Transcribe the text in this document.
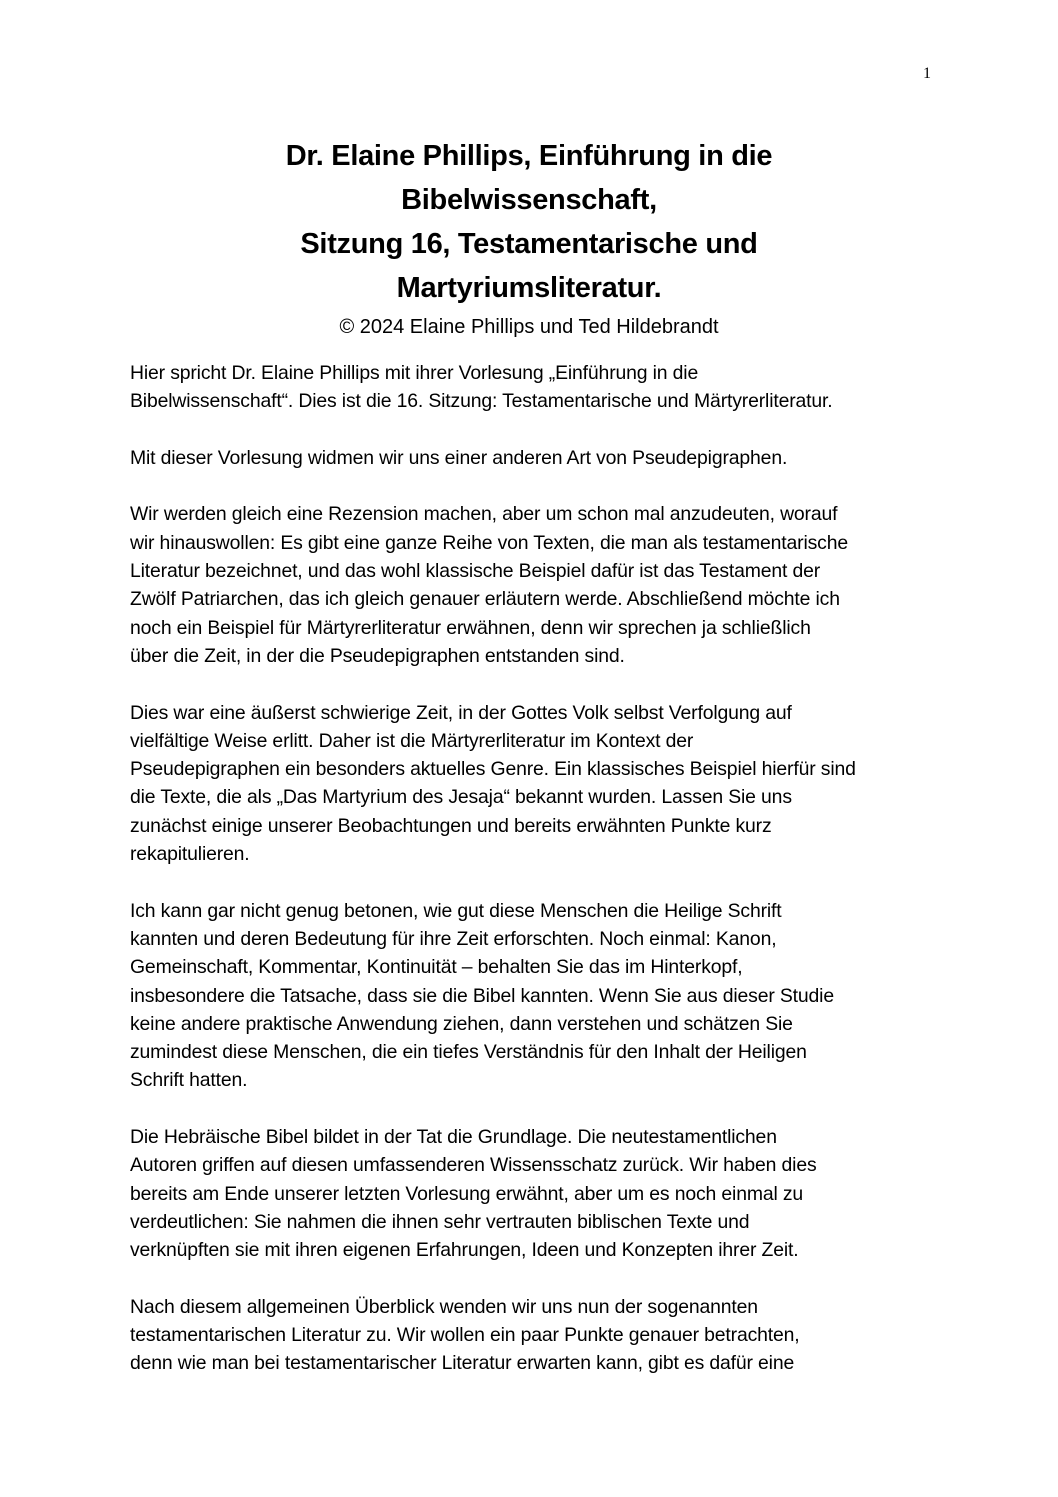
1
Dr. Elaine Phillips, Einführung in die
Bibelwissenschaft,
Sitzung 16, Testamentarische und
Martyriumsliteratur.
© 2024 Elaine Phillips und Ted Hildebrandt

Hier spricht Dr. Elaine Phillips mit ihrer Vorlesung „Einführung in die
Bibelwissenschaft“. Dies ist die 16. Sitzung: Testamentarische und Märtyrerliteratur.

Mit dieser Vorlesung widmen wir uns einer anderen Art von Pseudepigraphen.

Wir werden gleich eine Rezension machen, aber um schon mal anzudeuten, worauf
wir hinauswollen: Es gibt eine ganze Reihe von Texten, die man als testamentarische
Literatur bezeichnet, und das wohl klassische Beispiel dafür ist das Testament der
Zwölf Patriarchen, das ich gleich genauer erläutern werde. Abschließend möchte ich
noch ein Beispiel für Märtyrerliteratur erwähnen, denn wir sprechen ja schließlich
über die Zeit, in der die Pseudepigraphen entstanden sind.

Dies war eine äußerst schwierige Zeit, in der Gottes Volk selbst Verfolgung auf
vielfältige Weise erlitt. Daher ist die Märtyrerliteratur im Kontext der
Pseudepigraphen ein besonders aktuelles Genre. Ein klassisches Beispiel hierfür sind
die Texte, die als „Das Martyrium des Jesaja“ bekannt wurden. Lassen Sie uns
zunächst einige unserer Beobachtungen und bereits erwähnten Punkte kurz
rekapitulieren.

Ich kann gar nicht genug betonen, wie gut diese Menschen die Heilige Schrift
kannten und deren Bedeutung für ihre Zeit erforschten. Noch einmal: Kanon,
Gemeinschaft, Kommentar, Kontinuität – behalten Sie das im Hinterkopf,
insbesondere die Tatsache, dass sie die Bibel kannten. Wenn Sie aus dieser Studie
keine andere praktische Anwendung ziehen, dann verstehen und schätzen Sie
zumindest diese Menschen, die ein tiefes Verständnis für den Inhalt der Heiligen
Schrift hatten.

Die Hebräische Bibel bildet in der Tat die Grundlage. Die neutestamentlichen
Autoren griffen auf diesen umfassenderen Wissensschatz zurück. Wir haben dies
bereits am Ende unserer letzten Vorlesung erwähnt, aber um es noch einmal zu
verdeutlichen: Sie nahmen die ihnen sehr vertrauten biblischen Texte und
verknüpften sie mit ihren eigenen Erfahrungen, Ideen und Konzepten ihrer Zeit.

Nach diesem allgemeinen Überblick wenden wir uns nun der sogenannten
testamentarischen Literatur zu. Wir wollen ein paar Punkte genauer betrachten,
denn wie man bei testamentarischer Literatur erwarten kann, gibt es dafür eine
